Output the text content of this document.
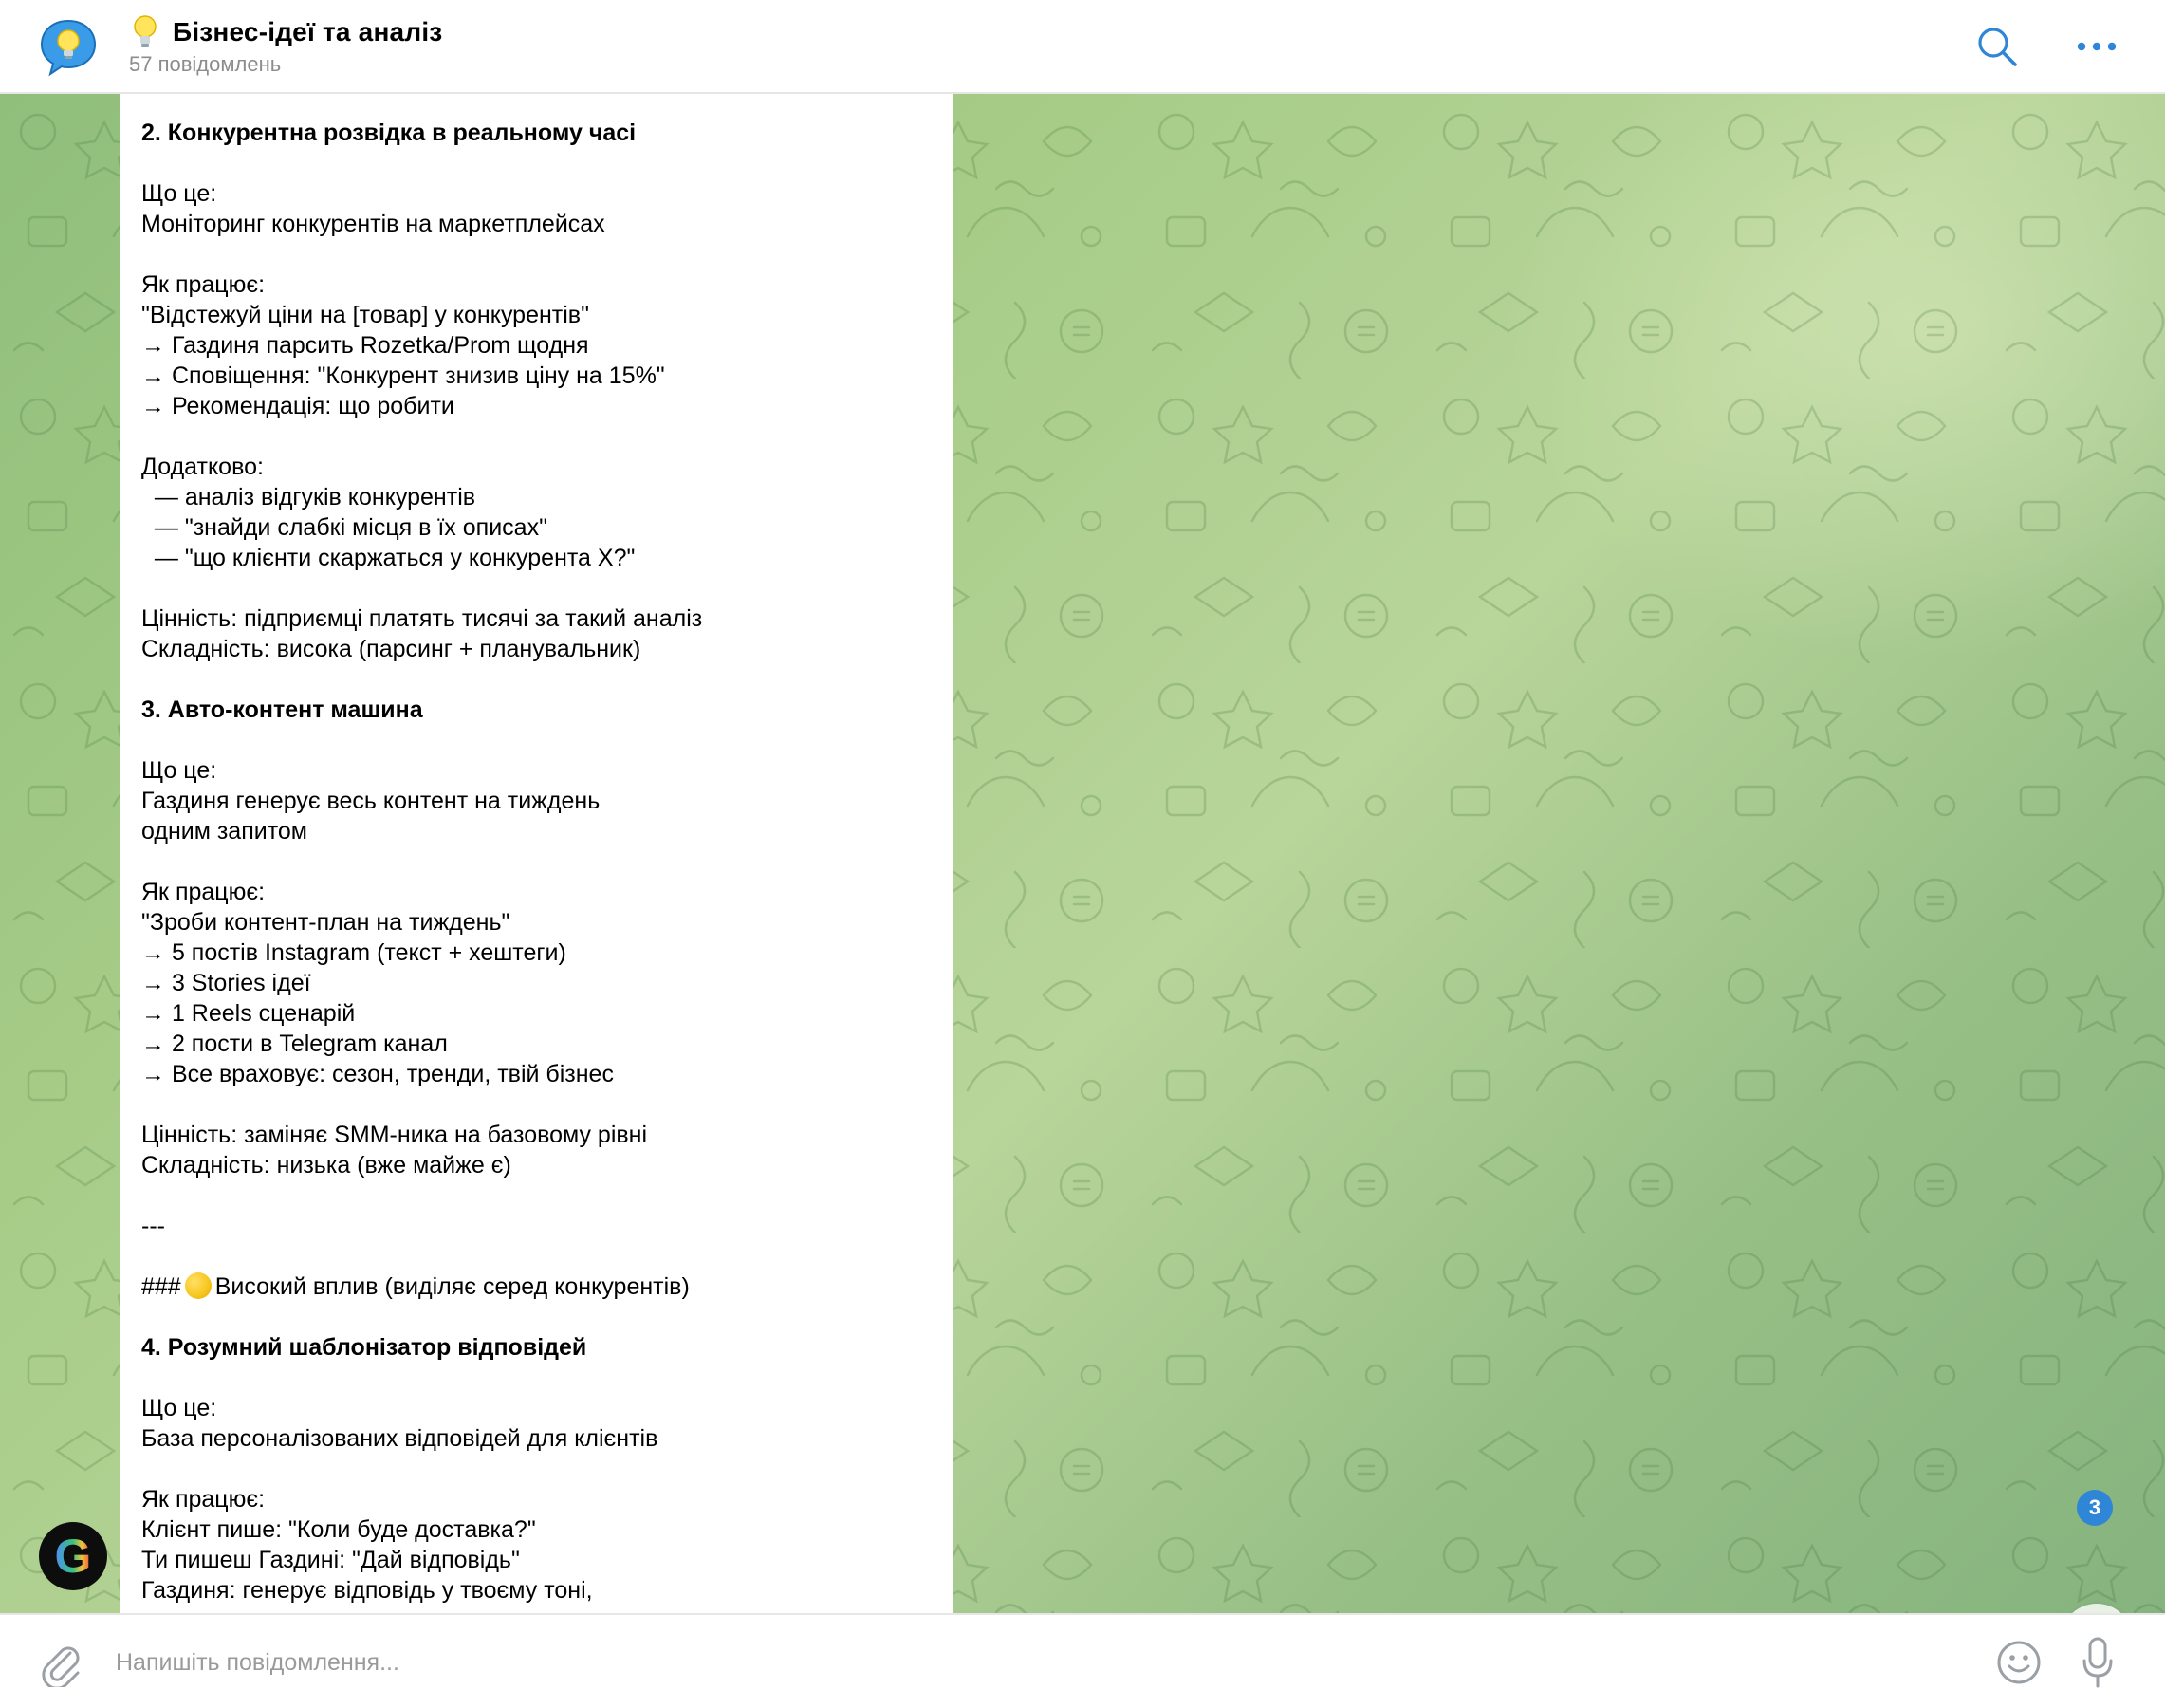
Бізнес-ідеї та аналіз
57 повідомлень
2. Конкурентна розвідка в реальному часі
Що це:
Моніторинг конкурентів на маркетплейсах
Як працює:
"Відстежуй ціни на [товар] у конкурентів"
→ Газдиня парсить Rozetka/Prom щодня
→ Сповіщення: "Конкурент знизив ціну на 15%"
→ Рекомендація: що робити
Додатково:
— аналіз відгуків конкурентів
— "знайди слабкі місця в їх описах"
— "що клієнти скаржаться у конкурента X?"
Цінність: підприємці платять тисячі за такий аналіз
Складність: висока (парсинг + планувальник)
3. Авто-контент машина
Що це:
Газдиня генерує весь контент на тиждень
одним запитом
Як працює:
"Зроби контент-план на тиждень"
→ 5 постів Instagram (текст + хештеги)
→ 3 Stories ідеї
→ 1 Reels сценарій
→ 2 пости в Telegram канал
→ Все враховує: сезон, тренди, твій бізнес
Цінність: заміняє SMM-ника на базовому рівні
Складність: низька (вже майже є)
---
### Високий вплив (виділяє серед конкурентів)
4. Розумний шаблонізатор відповідей
Що це:
База персоналізованих відповідей для клієнтів
Як працює:
Клієнт пише: "Коли буде доставка?"
Ти пишеш Газдині: "Дай відповідь"
Газдиня: генерує відповідь у твоєму тоні,
G
3
Напишіть повідомлення...
